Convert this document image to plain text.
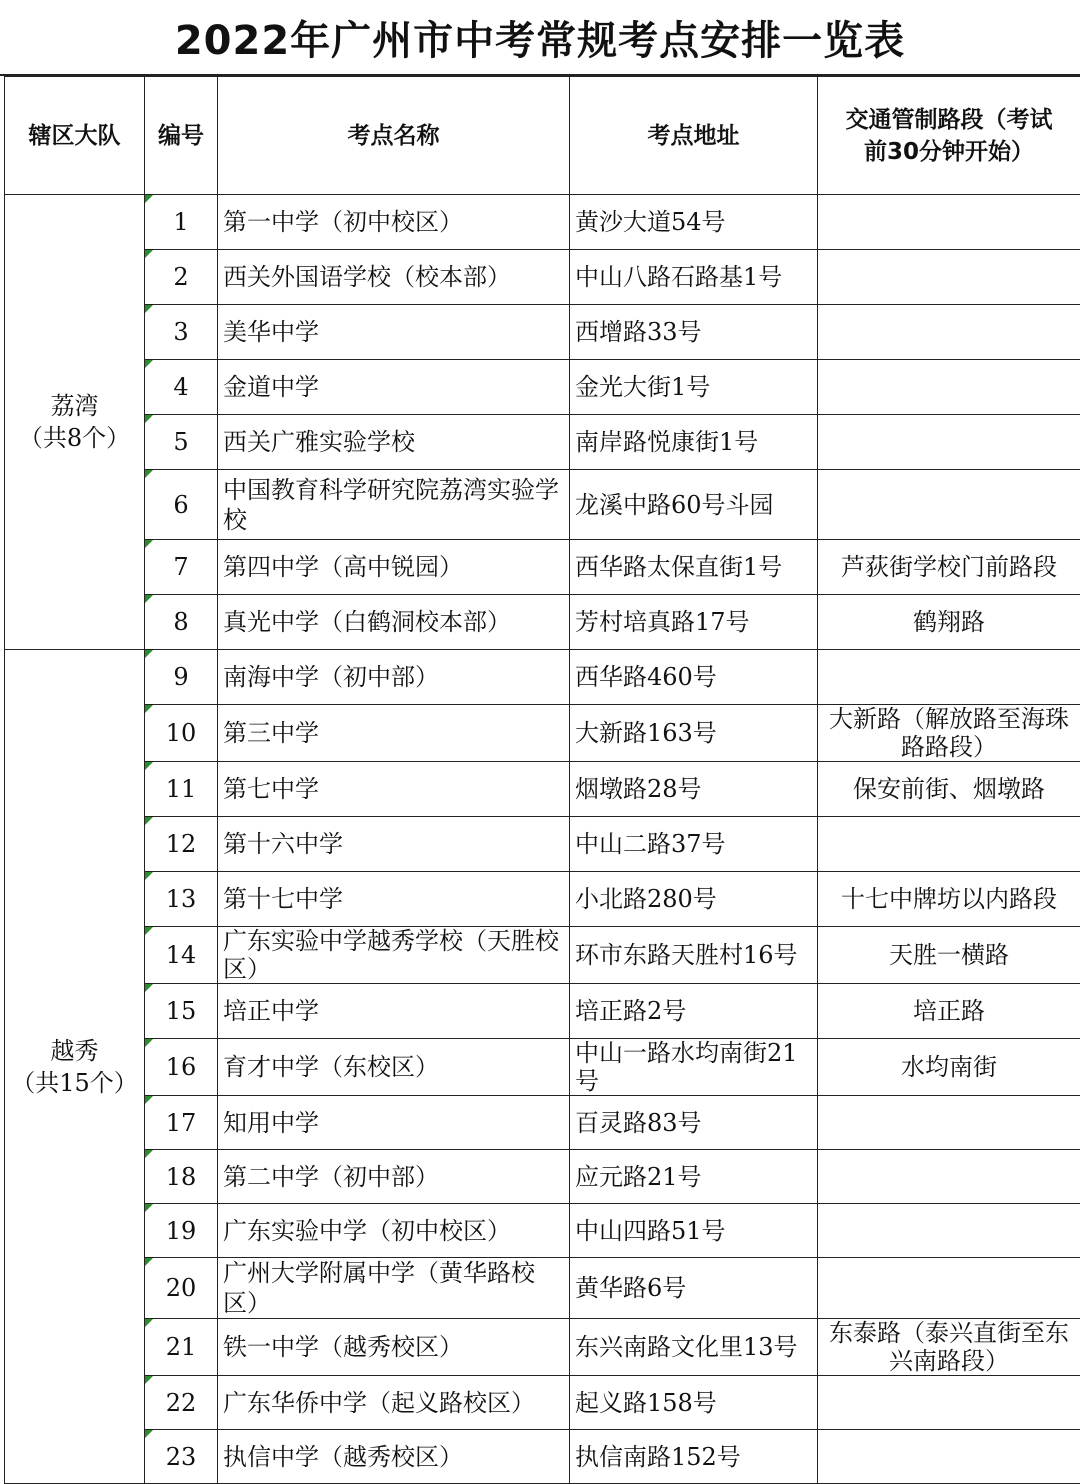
2022年广州市中考常规考点安排一览表
辖区大队	编号	考点名称	考点地址	交通管制路段（考试
前30分钟开始）

荔湾
（共8个）	1	第一中学（初中校区）	黄沙大道54号	
	2	西关外国语学校（校本部）	中山八路石路基1号	
	3	美华中学	西增路33号	
	4	金道中学	金光大街1号	
	5	西关广雅实验学校	南岸路悦康街1号	
	6	中国教育科学研究院荔湾实验学校	龙溪中路60号斗园	
	7	第四中学（高中锐园）	西华路太保直街1号	芦荻街学校门前路段
	8	真光中学（白鹤洞校本部）	芳村培真路17号	鹤翔路

越秀
（共15个）	9	南海中学（初中部）	西华路460号	
	10	第三中学	大新路163号	大新路（解放路至海珠路路段）
	11	第七中学	烟墩路28号	保安前街、烟墩路
	12	第十六中学	中山二路37号	
	13	第十七中学	小北路280号	十七中牌坊以内路段
	14	广东实验中学越秀学校（天胜校区）	环市东路天胜村16号	天胜一横路
	15	培正中学	培正路2号	培正路
	16	育才中学（东校区）	中山一路水均南街21号	水均南街
	17	知用中学	百灵路83号	
	18	第二中学（初中部）	应元路21号	
	19	广东实验中学（初中校区）	中山四路51号	
	20	广州大学附属中学（黄华路校区）	黄华路6号	
	21	铁一中学（越秀校区）	东兴南路文化里13号	东泰路（泰兴直街至东兴南路段）
	22	广东华侨中学（起义路校区）	起义路158号	
	23	执信中学（越秀校区）	执信南路152号	
